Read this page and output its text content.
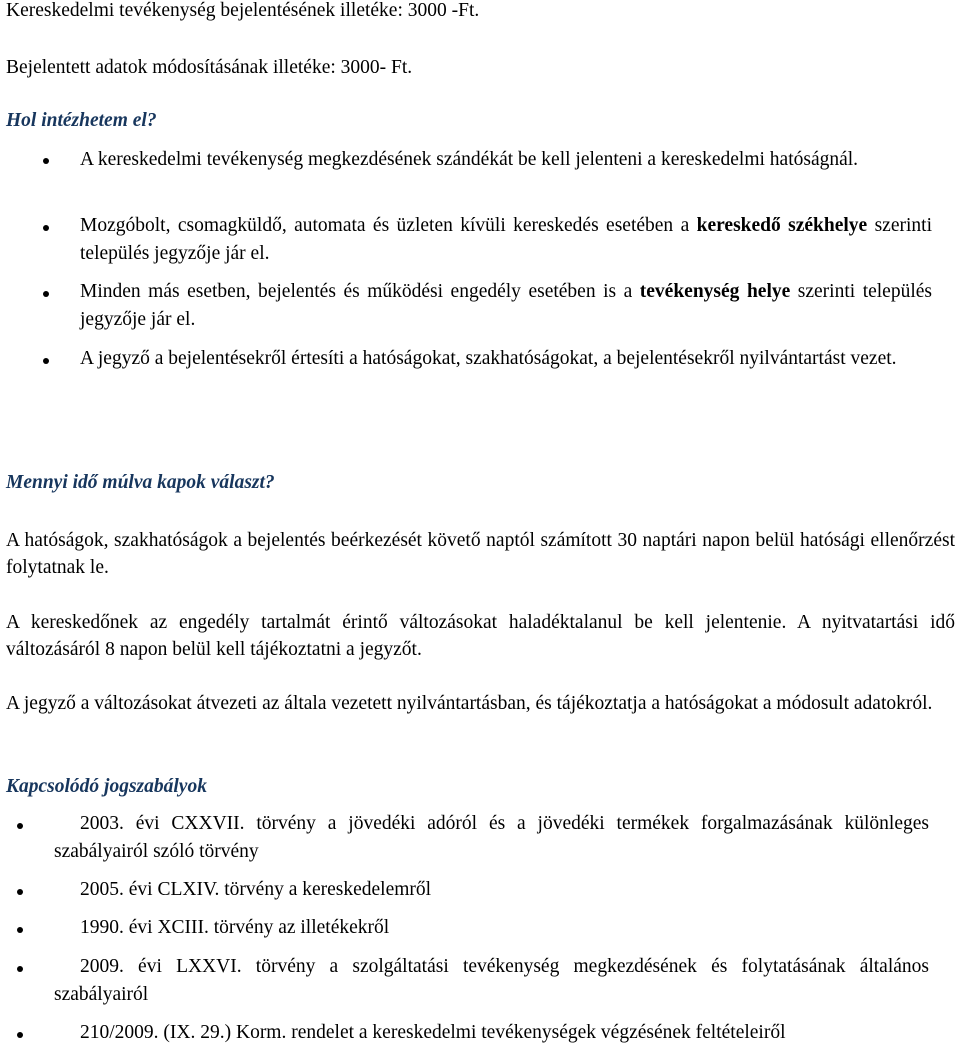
Kereskedelmi tevékenység bejelentésének illetéke: 3000 -Ft.
Bejelentett adatok módosításának illetéke: 3000- Ft.
Hol intézhetem el?
A kereskedelmi tevékenység megkezdésének szándékát be kell jelenteni a kereskedelmi hatóságnál.
Mozgóbolt, csomagküldő, automata és üzleten kívüli kereskedés esetében a kereskedő székhelye szerinti település jegyzője jár el.
Minden más esetben, bejelentés és működési engedély esetében is a tevékenység helye szerinti település jegyzője jár el.
A jegyző a bejelentésekről értesíti a hatóságokat, szakhatóságokat, a bejelentésekről nyilvántartást vezet.
Mennyi idő múlva kapok választ?
A hatóságok, szakhatóságok a bejelentés beérkezését követő naptól számított 30 naptári napon belül hatósági ellenőrzést folytatnak le.
A kereskedőnek az engedély tartalmát érintő változásokat haladéktalanul be kell jelentenie. A nyitvatartási idő változásáról 8 napon belül kell tájékoztatni a jegyzőt.
A jegyző a változásokat átvezeti az általa vezetett nyilvántartásban, és tájékoztatja a hatóságokat a módosult adatokról.
Kapcsolódó jogszabályok
2003. évi CXXVII. törvény a jövedéki adóról és a jövedéki termékek forgalmazásának különleges szabályairól szóló törvény
2005. évi CLXIV. törvény a kereskedelemről
1990. évi XCIII. törvény az illetékekről
2009. évi LXXVI. törvény a szolgáltatási tevékenység megkezdésének és folytatásának általános szabályairól
210/2009. (IX. 29.) Korm. rendelet a kereskedelmi tevékenységek végzésének feltételeiről
